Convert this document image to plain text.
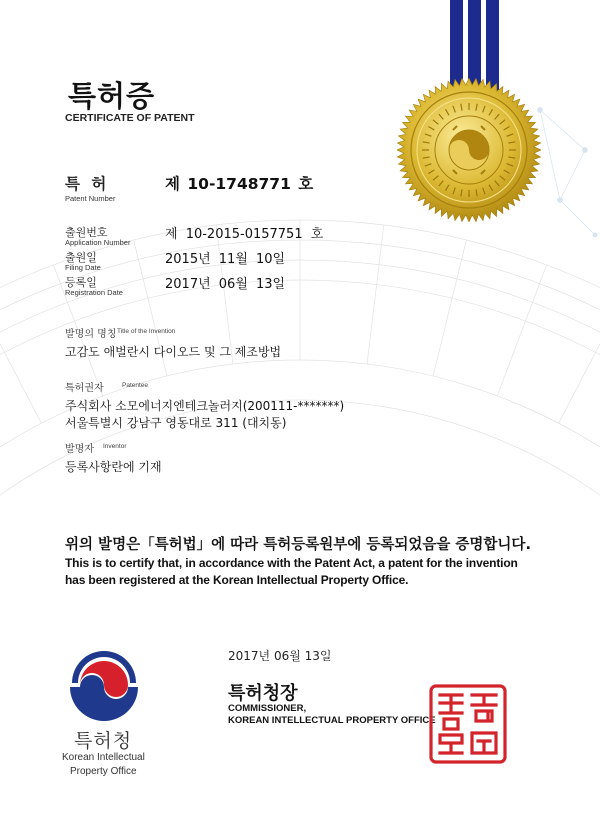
특허증
CERTIFICATE OF PATENT
특 허
Patent Number
제 10-1748771 호
출원번호
Application Number
제 10-2015-0157751 호
출원일
Filing Date
2015년 11월 10일
등록일
Registration Date
2017년 06월 13일
발명의 명칭 Title of the Invention
고감도 애벌란시 다이오드 및 그 제조방법
특허권자	Patentee
주식회사 소모에너지엔테크놀러지(200111-*******)
서울특별시 강남구 영동대로 311 (대치동)
발명자 Inventor
등록사항란에 기재
위의 발명은「특허법」에 따라 특허등록원부에 등록되었음을 증명합니다.
This is to certify that, in accordance with the Patent Act, a patent for the invention
has been registered at the Korean Intellectual Property Office.
2017년 06월 13일
특허청장
COMMISSIONER,
KOREAN INTELLECTUAL PROPERTY OFFICE
특허청
Korean Intellectual
Property Office
